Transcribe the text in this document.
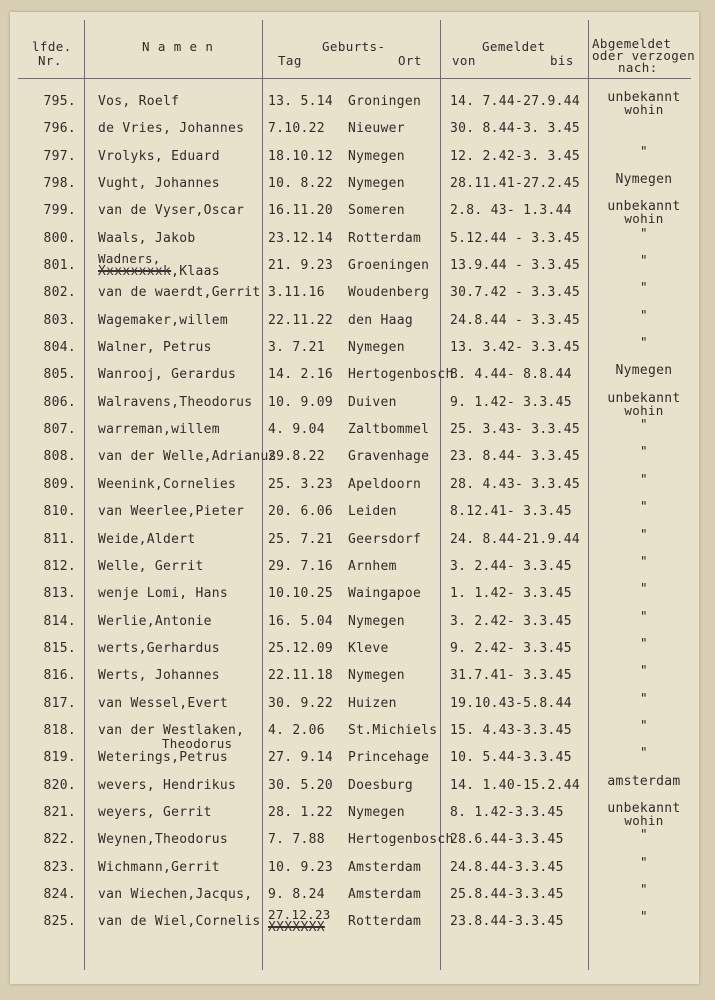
lfde.
Nr.
N a m e n	Geburts-
Tag	Ort
Gemeldet
von	bis
Abgemeldet
oder verzogen
nach:
795. Vos, Roelf	13. 5.14 Groningen 14. 7.44-27.9.44	unbekannt
wohin
796. de Vries, Johannes 7.10.22 Nieuwer	30. 8.44-3. 3.45
797. Vrolyks, Eduard	18.10.12 Nymegen	12. 2.42-3. 3.45	"
798. Vught, Johannes	10. 8.22 Nymegen	28.11.41-27.2.45	Nymegen
799. van de Vyser,Oscar 16.11.20 Someren	2.8. 43- 1.3.44	unbekannt
wohin
800. Waals, Jakob	23.12.14 Rotterdam 5.12.44 - 3.3.45	"
801. Wadners,
Xxxxxxxxk,Klaas	21. 9.23 Groeningen 13.9.44 - 3.3.45	"
802. van de waerdt,Gerrit 3.11.16 Woudenberg 30.7.42 - 3.3.45	"
803. Wagemaker,willem	22.11.22 den Haag	24.8.44 - 3.3.45	"
804. Walner, Petrus	3. 7.21 Nymegen	13. 3.42- 3.3.45	"
805. Wanrooj, Gerardus 14. 2.16 Hertogenbosch
8. 4.44- 8.8.44	Nymegen
806. Walravens,Theodorus 10. 9.09 Duiven	9. 1.42- 3.3.45	unbekannt
wohin
807. warreman,willem	4. 9.04 Zaltbommel 25. 3.43- 3.3.45	"
808. van der Welle,Adrianus
29.8.22 Gravenhage 23. 8.44- 3.3.45	"
809. Weenink,Cornelies 25. 3.23 Apeldoorn 28. 4.43- 3.3.45	"
810. van Weerlee,Pieter 20. 6.06 Leiden	8.12.41- 3.3.45	"
811. Weide,Aldert	25. 7.21 Geersdorf 24. 8.44-21.9.44	"
812. Welle, Gerrit	29. 7.16 Arnhem	3. 2.44- 3.3.45	"
813. wenje Lomi, Hans	10.10.25 Waingapoe 1. 1.42- 3.3.45	"
814. Werlie,Antonie	16. 5.04 Nymegen	3. 2.42- 3.3.45	"
815. werts,Gerhardus	25.12.09 Kleve	9. 2.42- 3.3.45	"
816. Werts, Johannes	22.11.18 Nymegen	31.7.41- 3.3.45	"
817. van Wessel,Evert	30. 9.22 Huizen	19.10.43-5.8.44	"
818. van der Westlaken,
Theodorus
4. 2.06 St.Michiels 15. 4.43-3.3.45	"
819. Weterings,Petrus	27. 9.14 Princehage 10. 5.44-3.3.45	"
820. wevers, Hendrikus 30. 5.20 Doesburg	14. 1.40-15.2.44	amsterdam
821. weyers, Gerrit	28. 1.22 Nymegen	8. 1.42-3.3.45	unbekannt
wohin
822. Weynen,Theodorus	7. 7.88 Hertogenbosch
28.6.44-3.3.45	"
823. Wichmann,Gerrit	10. 9.23 Amsterdam 24.8.44-3.3.45	"
824. van Wiechen,Jacqus, 9. 8.24 Amsterdam 25.8.44-3.3.45	"
825. van de Wiel,Cornelis 27.12.23
XXXXXXX	Rotterdam 23.8.44-3.3.45	"
